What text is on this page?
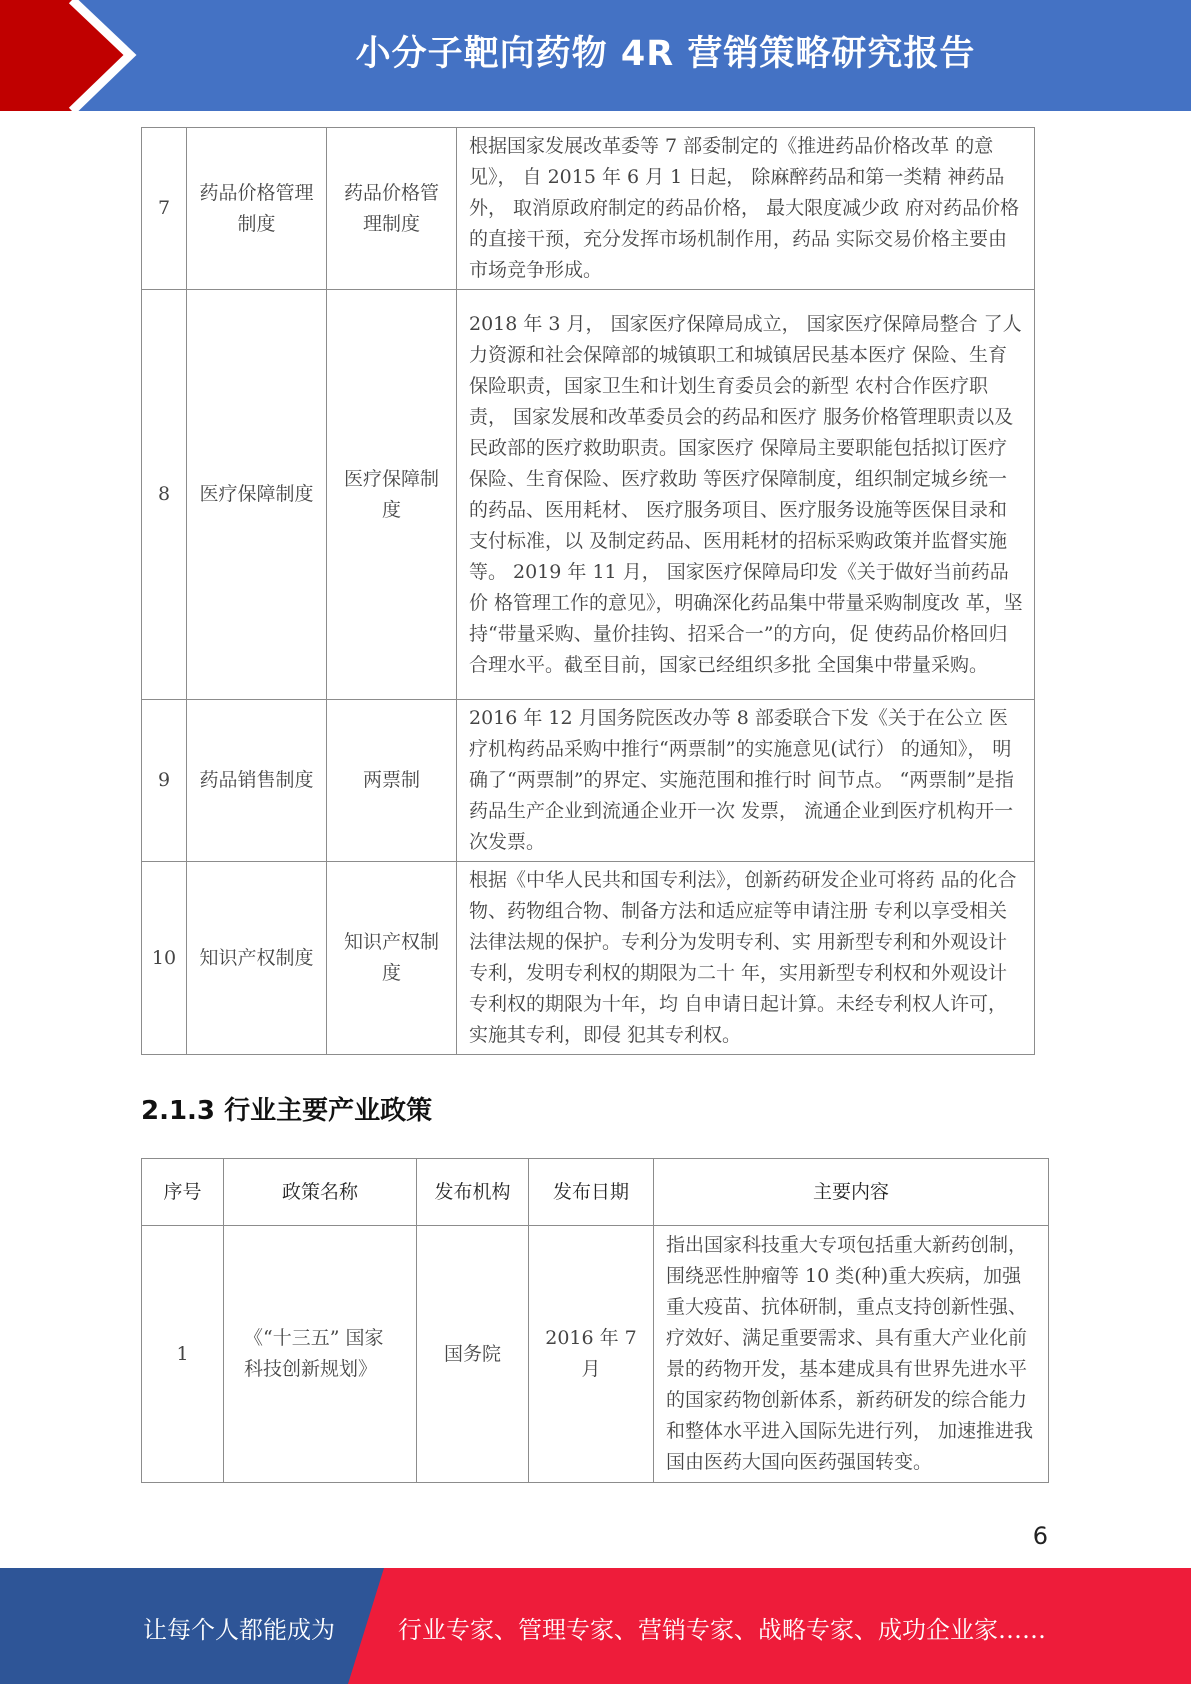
小分子靶向药物 4R 营销策略研究报告
7	药品价格管理制度	药品价格管理制度	根据国家发展改革委等 7 部委制定的《推进药品价格改革 的意见》， 自 2015 年 6 月 1 日起， 除麻醉药品和第一类精 神药品外， 取消原政府制定的药品价格， 最大限度减少政 府对药品价格的直接干预，充分发挥市场机制作用，药品 实际交易价格主要由市场竞争形成。
8	医疗保障制度	医疗保障制度	2018 年 3 月， 国家医疗保障局成立， 国家医疗保障局整合 了人力资源和社会保障部的城镇职工和城镇居民基本医疗 保险、生育保险职责，国家卫生和计划生育委员会的新型 农村合作医疗职责， 国家发展和改革委员会的药品和医疗 服务价格管理职责以及民政部的医疗救助职责。国家医疗 保障局主要职能包括拟订医疗保险、生育保险、医疗救助 等医疗保障制度，组织制定城乡统一的药品、医用耗材、 医疗服务项目、医疗服务设施等医保目录和支付标准，以 及制定药品、医用耗材的招标采购政策并监督实施等。 2019 年 11 月， 国家医疗保障局印发《关于做好当前药品价 格管理工作的意见》，明确深化药品集中带量采购制度改 革，坚持“带量采购、量价挂钩、招采合一”的方向，促 使药品价格回归合理水平。截至目前，国家已经组织多批 全国集中带量采购。
9	药品销售制度	两票制	2016 年 12 月国务院医改办等 8 部委联合下发《关于在公立 医疗机构药品采购中推行“两票制”的实施意见(试行） 的通知》， 明确了“两票制”的界定、实施范围和推行时 间节点。 “两票制”是指药品生产企业到流通企业开一次 发票， 流通企业到医疗机构开一次发票。
10	知识产权制度	知识产权制度	根据《中华人民共和国专利法》，创新药研发企业可将药 品的化合物、药物组合物、制备方法和适应症等申请注册 专利以享受相关法律法规的保护。专利分为发明专利、实 用新型专利和外观设计专利，发明专利权的期限为二十 年，实用新型专利权和外观设计专利权的期限为十年，均 自申请日起计算。未经专利权人许可，实施其专利，即侵 犯其专利权。
2.1.3 行业主要产业政策
序号	政策名称	发布机构	发布日期	主要内容
1	《“十三五” 国家科技创新规划》	国务院	2016 年 7 月	指出国家科技重大专项包括重大新药创制， 围绕恶性肿瘤等 10 类(种)重大疾病，加强 重大疫苗、抗体研制，重点支持创新性强、 疗效好、满足重要需求、具有重大产业化前 景的药物开发，基本建成具有世界先进水平 的国家药物创新体系，新药研发的综合能力 和整体水平进入国际先进行列， 加速推进我 国由医药大国向医药强国转变。
6
让每个人都能成为	行业专家、管理专家、营销专家、战略专家、成功企业家……
